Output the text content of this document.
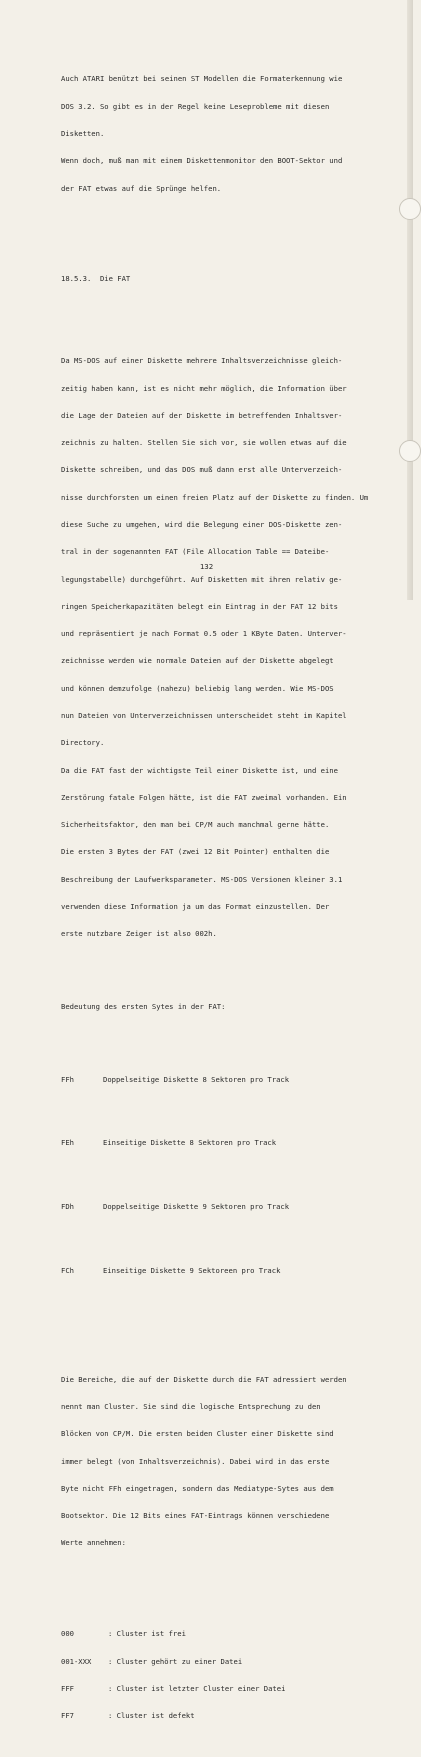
Auch ATARI benützt bei seinen ST Modellen die Formaterkennung wie

DOS 3.2. So gibt es in der Regel keine Leseprobleme mit diesen

Disketten.

Wenn doch, muß man mit einem Diskettenmonitor den BOOT-Sektor und

der FAT etwas auf die Sprünge helfen.

18.5.3.  Die FAT

Da MS-DOS auf einer Diskette mehrere Inhaltsverzeichnisse gleich-

zeitig haben kann, ist es nicht mehr möglich, die Information über

die Lage der Dateien auf der Diskette im betreffenden Inhaltsver-

zeichnis zu halten. Stellen Sie sich vor, sie wollen etwas auf die

Diskette schreiben, und das DOS muß dann erst alle Unterverzeich-

nisse durchforsten um einen freien Platz auf der Diskette zu finden. Um

diese Suche zu umgehen, wird die Belegung einer DOS-Diskette zen-

tral in der sogenannten FAT (File Allocation Table == Dateibe-

legungstabelle) durchgeführt. Auf Disketten mit ihren relativ ge-

ringen Speicherkapazitäten belegt ein Eintrag in der FAT 12 bits

und repräsentiert je nach Format 0.5 oder 1 KByte Daten. Unterver-

zeichnisse werden wie normale Dateien auf der Diskette abgelegt

und können demzufolge (nahezu) beliebig lang werden. Wie MS-DOS

nun Dateien von Unterverzeichnissen unterscheidet steht im Kapitel

Directory.

Da die FAT fast der wichtigste Teil einer Diskette ist, und eine

Zerstörung fatale Folgen hätte, ist die FAT zweimal vorhanden. Ein

Sicherheitsfaktor, den man bei CP/M auch manchmal gerne hätte.

Die ersten 3 Bytes der FAT (zwei 12 Bit Pointer) enthalten die

Beschreibung der Laufwerksparameter. MS-DOS Versionen kleiner 3.1

verwenden diese Information ja um das Format einzustellen. Der

erste nutzbare Zeiger ist also 002h.

Bedeutung des ersten Sytes in der FAT:

FFh	Doppelseitige Diskette 8 Sektoren pro Track

FEh	Einseitige Diskette 8 Sektoren pro Track

FDh	Doppelseitige Diskette 9 Sektoren pro Track

FCh	Einseitige Diskette 9 Sektoreen pro Track

Die Bereiche, die auf der Diskette durch die FAT adressiert werden

nennt man Cluster. Sie sind die logische Entsprechung zu den

Blöcken von CP/M. Die ersten beiden Cluster einer Diskette sind

immer belegt (von Inhaltsverzeichnis). Dabei wird in das erste

Byte nicht FFh eingetragen, sondern das Mediatype-Sytes aus dem

Bootsektor. Die 12 Bits eines FAT-Eintrags können verschiedene

Werte annehmen:

000	: Cluster ist frei

001-XXX : Cluster gehört zu einer Datei

FFF	: Cluster ist letzter Cluster einer Datei

FF7	: Cluster ist defekt

132
